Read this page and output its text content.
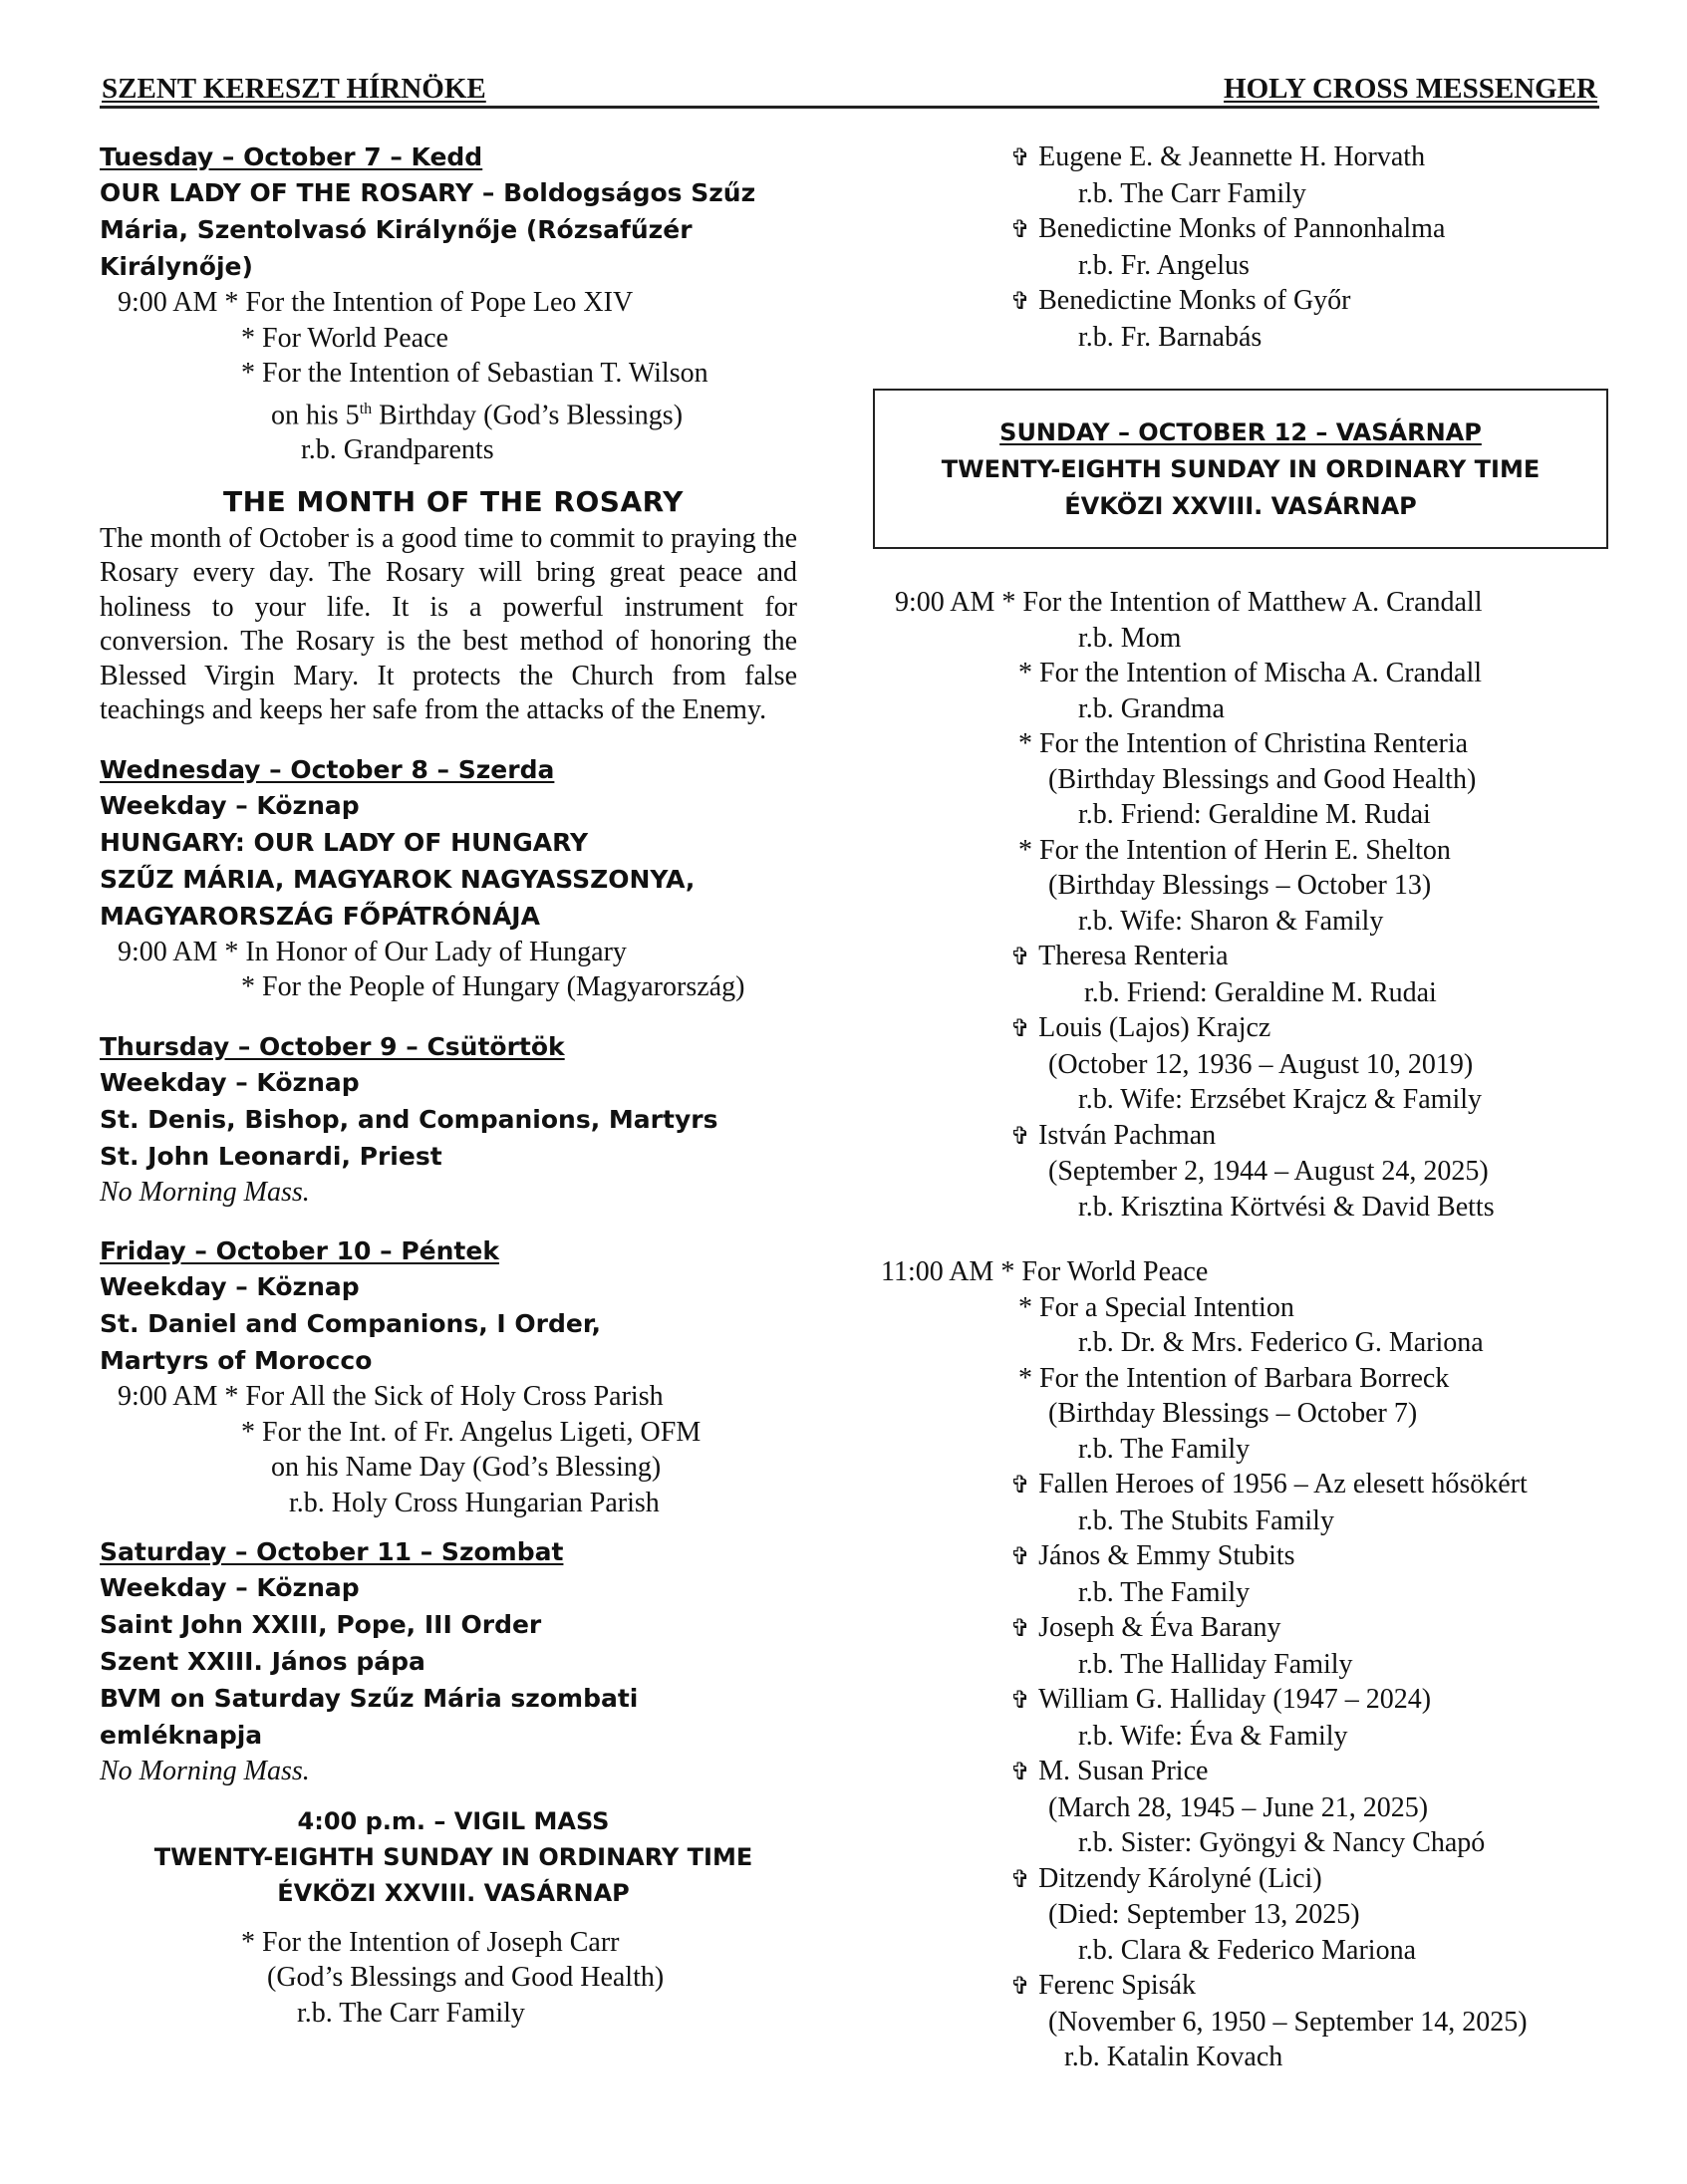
SZENT KERESZT HÍRNÖKE	HOLY CROSS MESSENGER
Tuesday – October 7 – Kedd
OUR LADY OF THE ROSARY – Boldogságos Szűz
Mária, Szentolvasó Királynője (Rózsafűzér Királynője)
9:00 AM * For the Intention of Pope Leo XIV
* For World Peace
* For the Intention of Sebastian T. Wilson
on his 5th Birthday (God’s Blessings)
r.b. Grandparents
THE MONTH OF THE ROSARY
The month of October is a good time to commit to praying the Rosary every day. The Rosary will bring great peace and holiness to your life. It is a powerful instrument for conversion. The Rosary is the best method of honoring the Blessed Virgin Mary. It protects the Church from false teachings and keeps her safe from the attacks of the Enemy.
Wednesday – October 8 – Szerda
Weekday – Köznap
HUNGARY: OUR LADY OF HUNGARY
SZŰZ MÁRIA, MAGYAROK NAGYASSZONYA,
MAGYARORSZÁG FŐPÁTRÓNÁJA
9:00 AM * In Honor of Our Lady of Hungary
* For the People of Hungary (Magyarország)
Thursday – October 9 – Csütörtök
Weekday – Köznap
St. Denis, Bishop, and Companions, Martyrs
St. John Leonardi, Priest
No Morning Mass.
Friday – October 10 – Péntek
Weekday – Köznap
St. Daniel and Companions, I Order,
Martyrs of Morocco
9:00 AM * For All the Sick of Holy Cross Parish
* For the Int. of Fr. Angelus Ligeti, OFM
on his Name Day (God’s Blessing)
r.b. Holy Cross Hungarian Parish
Saturday – October 11 – Szombat
Weekday – Köznap
Saint John XXIII, Pope, III Order
Szent XXIII. János pápa
BVM on Saturday Szűz Mária szombati emléknapja
No Morning Mass.
4:00 p.m. – VIGIL MASS
TWENTY-EIGHTH SUNDAY IN ORDINARY TIME
ÉVKÖZI XXVIII. VASÁRNAP
* For the Intention of Joseph Carr
(God’s Blessings and Good Health)
r.b. The Carr Family
✞ Eugene E. & Jeannette H. Horvath
r.b. The Carr Family
✞ Benedictine Monks of Pannonhalma
r.b. Fr. Angelus
✞ Benedictine Monks of Győr
r.b. Fr. Barnabás
SUNDAY – OCTOBER 12 – VASÁRNAP
TWENTY-EIGHTH SUNDAY IN ORDINARY TIME
ÉVKÖZI XXVIII. VASÁRNAP
9:00 AM * For the Intention of Matthew A. Crandall
r.b. Mom
* For the Intention of Mischa A. Crandall
r.b. Grandma
* For the Intention of Christina Renteria
(Birthday Blessings and Good Health)
r.b. Friend: Geraldine M. Rudai
* For the Intention of Herin E. Shelton
(Birthday Blessings – October 13)
r.b. Wife: Sharon & Family
✞ Theresa Renteria
r.b. Friend: Geraldine M. Rudai
✞ Louis (Lajos) Krajcz
(October 12, 1936 – August 10, 2019)
r.b. Wife: Erzsébet Krajcz & Family
✞ István Pachman
(September 2, 1944 – August 24, 2025)
r.b. Krisztina Körtvési & David Betts
11:00 AM * For World Peace
* For a Special Intention
r.b. Dr. & Mrs. Federico G. Mariona
* For the Intention of Barbara Borreck
(Birthday Blessings – October 7)
r.b. The Family
✞ Fallen Heroes of 1956 – Az elesett hősökért
r.b. The Stubits Family
✞ János & Emmy Stubits
r.b. The Family
✞ Joseph & Éva Barany
r.b. The Halliday Family
✞ William G. Halliday (1947 – 2024)
r.b. Wife: Éva & Family
✞ M. Susan Price
(March 28, 1945 – June 21, 2025)
r.b. Sister: Gyöngyi & Nancy Chapó
✞ Ditzendy Károlyné (Lici)
(Died: September 13, 2025)
r.b. Clara & Federico Mariona
✞ Ferenc Spisák
(November 6, 1950 – September 14, 2025)
r.b. Katalin Kovach
